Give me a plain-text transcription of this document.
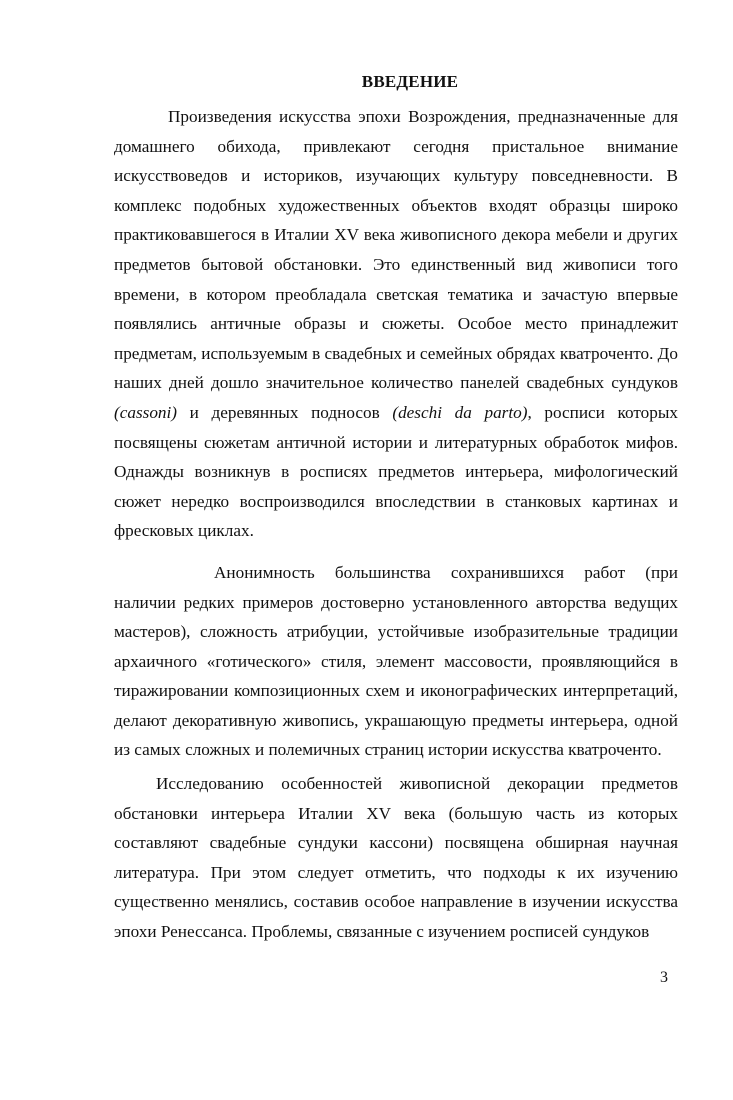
ВВЕДЕНИЕ

Произведения искусства эпохи Возрождения, предназначенные для домашнего обихода, привлекают сегодня пристальное внимание искусствоведов и историков, изучающих культуру повседневности. В комплекс подобных художественных объектов входят образцы широко практиковавшегося в Италии XV века живописного декора мебели и других предметов бытовой обстановки. Это единственный вид живописи того времени, в котором преобладала светская тематика и зачастую впервые появлялись античные образы и сюжеты. Особое место принадлежит предметам, используемым в свадебных и семейных обрядах кватроченто. До наших дней дошло значительное количество панелей свадебных сундуков (cassoni) и деревянных подносов (deschi da parto), росписи которых посвящены сюжетам античной истории и литературных обработок мифов. Однажды возникнув в росписях предметов интерьера, мифологический сюжет нередко воспроизводился впоследствии в станковых картинах и фресковых циклах.

Анонимность большинства сохранившихся работ (при наличии редких примеров достоверно установленного авторства ведущих мастеров), сложность атрибуции, устойчивые изобразительные традиции архаичного «готического» стиля, элемент массовости, проявляющийся в тиражировании композиционных схем и иконографических интерпретаций, делают декоративную живопись, украшающую предметы интерьера, одной из самых сложных и полемичных страниц истории искусства кватроченто.

Исследованию особенностей живописной декорации предметов обстановки интерьера Италии XV века (большую часть из которых составляют свадебные сундуки кассони) посвящена обширная научная литература. При этом следует отметить, что подходы к их изучению существенно менялись, составив особое направление в изучении искусства эпохи Ренессанса. Проблемы, связанные с изучением росписей сундуков

3
